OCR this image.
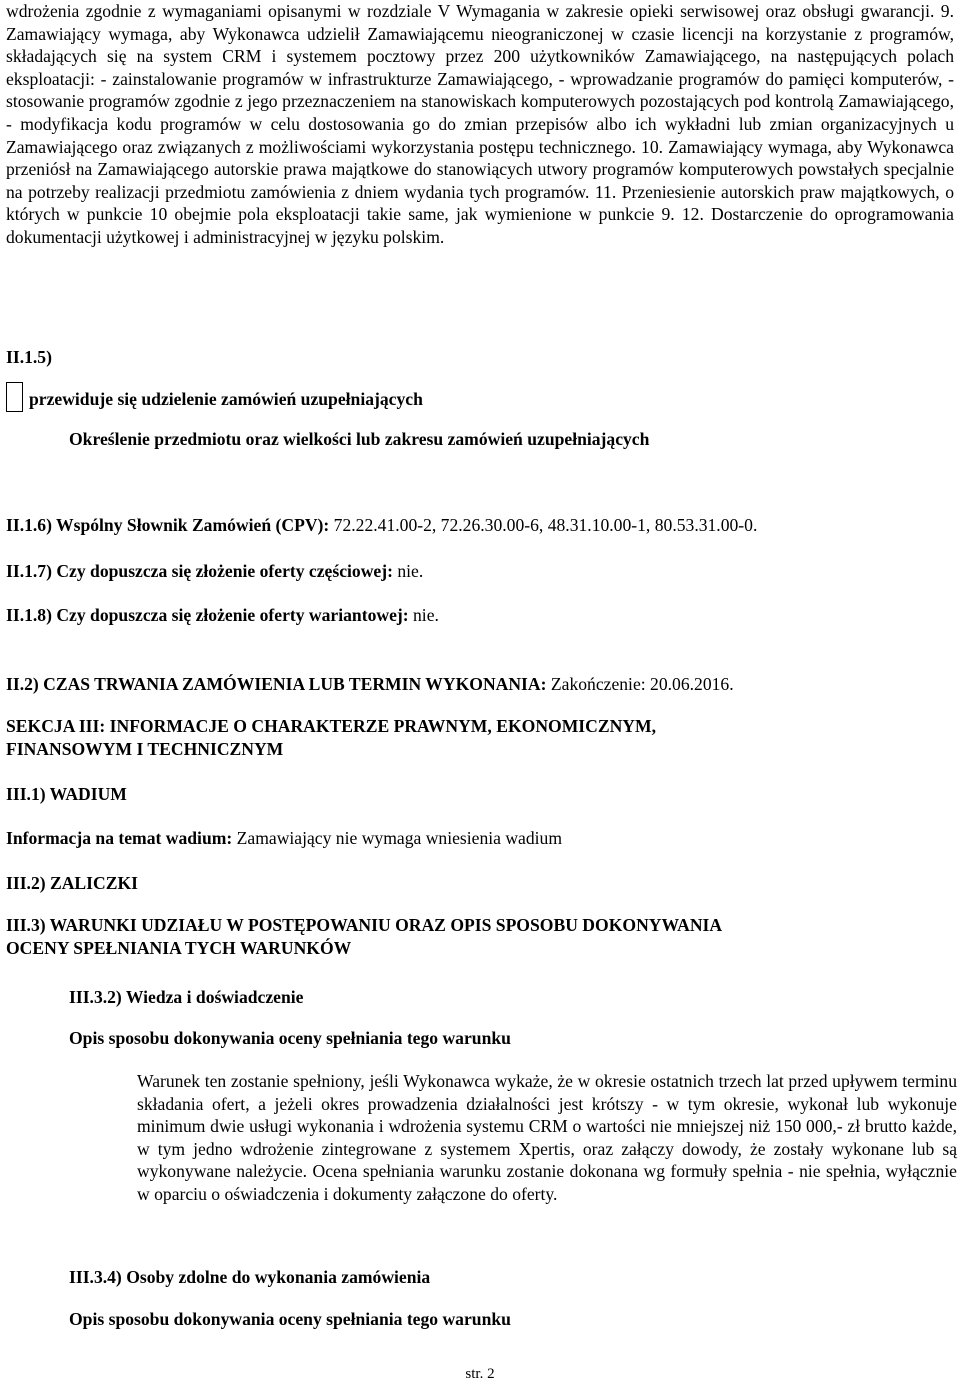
wdrożenia zgodnie z wymaganiami opisanymi w rozdziale V Wymagania w zakresie opieki serwisowej oraz obsługi gwarancji. 9. Zamawiający wymaga, aby Wykonawca udzielił Zamawiającemu nieograniczonej w czasie licencji na korzystanie z programów, składających się na system CRM i systemem pocztowy przez 200 użytkowników Zamawiającego, na następujących polach eksploatacji: - zainstalowanie programów w infrastrukturze Zamawiającego, - wprowadzanie programów do pamięci komputerów, - stosowanie programów zgodnie z jego przeznaczeniem na stanowiskach komputerowych pozostających pod kontrolą Zamawiającego, - modyfikacja kodu programów w celu dostosowania go do zmian przepisów albo ich wykładni lub zmian organizacyjnych u Zamawiającego oraz związanych z możliwościami wykorzystania postępu technicznego. 10. Zamawiający wymaga, aby Wykonawca przeniósł na Zamawiającego autorskie prawa majątkowe do stanowiących utwory programów komputerowych powstałych specjalnie na potrzeby realizacji przedmiotu zamówienia z dniem wydania tych programów. 11. Przeniesienie autorskich praw majątkowych, o których w punkcie 10 obejmie pola eksploatacji takie same, jak wymienione w punkcie 9. 12. Dostarczenie do oprogramowania dokumentacji użytkowej i administracyjnej w języku polskim.

II.1.5)
przewiduje się udzielenie zamówień uzupełniających
Określenie przedmiotu oraz wielkości lub zakresu zamówień uzupełniających
II.1.6) Wspólny Słownik Zamówień (CPV): 72.22.41.00-2, 72.26.30.00-6, 48.31.10.00-1, 80.53.31.00-0.
II.1.7) Czy dopuszcza się złożenie oferty częściowej: nie.
II.1.8) Czy dopuszcza się złożenie oferty wariantowej: nie.
II.2) CZAS TRWANIA ZAMÓWIENIA LUB TERMIN WYKONANIA: Zakończenie: 20.06.2016.
SEKCJA III: INFORMACJE O CHARAKTERZE PRAWNYM, EKONOMICZNYM,
FINANSOWYM I TECHNICZNYM
III.1) WADIUM
Informacja na temat wadium: Zamawiający nie wymaga wniesienia wadium
III.2) ZALICZKI
III.3) WARUNKI UDZIAŁU W POSTĘPOWANIU ORAZ OPIS SPOSOBU DOKONYWANIA
OCENY SPEŁNIANIA TYCH WARUNKÓW
III.3.2) Wiedza i doświadczenie
Opis sposobu dokonywania oceny spełniania tego warunku

Warunek ten zostanie spełniony, jeśli Wykonawca wykaże, że w okresie ostatnich trzech lat przed upływem terminu składania ofert, a jeżeli okres prowadzenia działalności jest krótszy - w tym okresie, wykonał lub wykonuje minimum dwie usługi wykonania i wdrożenia systemu CRM o wartości nie mniejszej niż 150 000,- zł brutto każde, w tym jedno wdrożenie zintegrowane z systemem Xpertis, oraz załączy dowody, że zostały wykonane lub są wykonywane należycie. Ocena spełniania warunku zostanie dokonana wg formuły spełnia - nie spełnia, wyłącznie w oparciu o oświadczenia i dokumenty załączone do oferty.

III.3.4) Osoby zdolne do wykonania zamówienia
Opis sposobu dokonywania oceny spełniania tego warunku
str. 2
